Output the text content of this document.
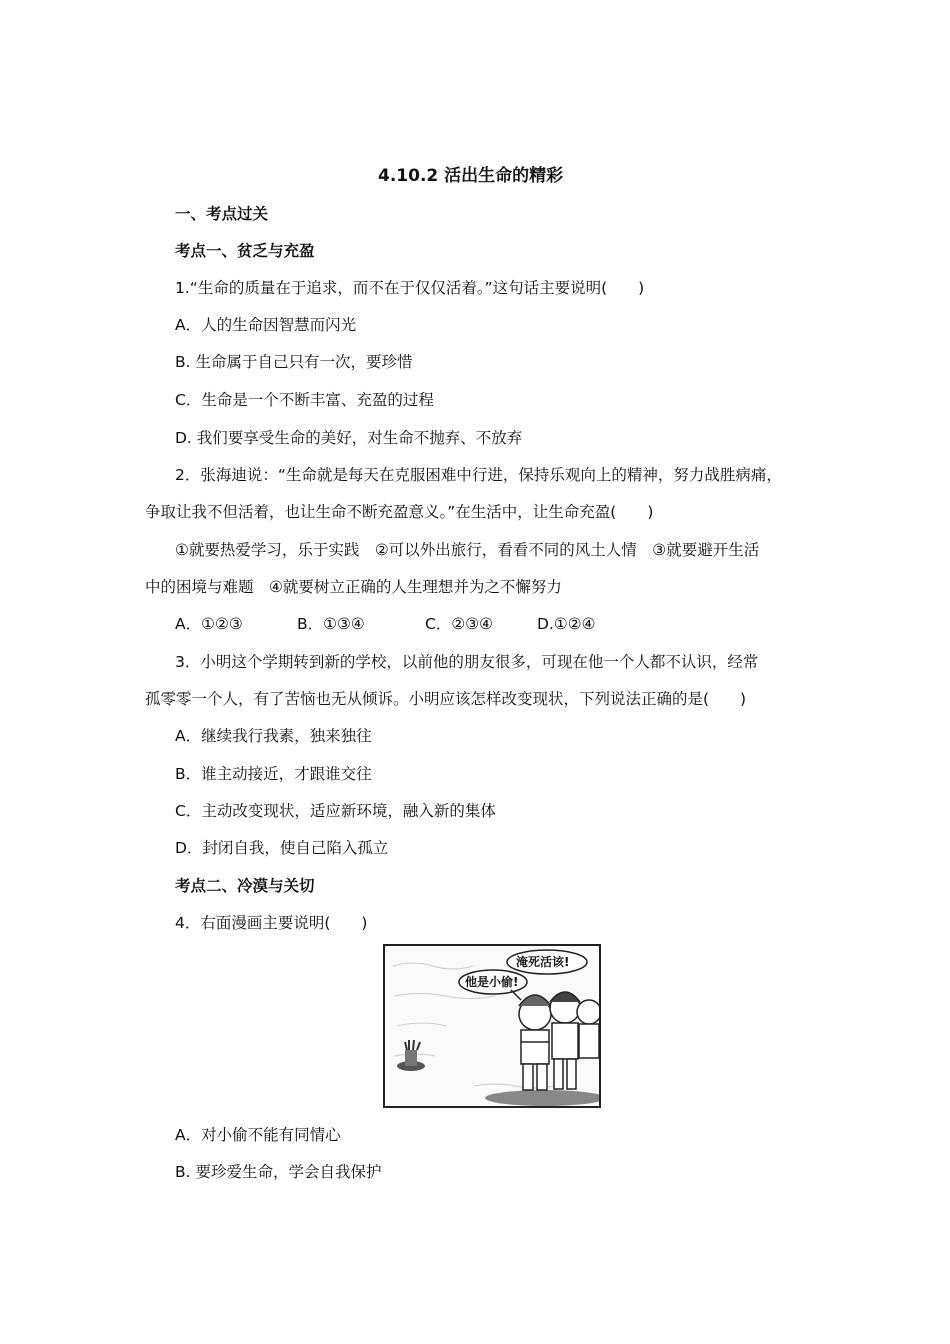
4.10.2 活出生命的精彩
一、考点过关
考点一、贫乏与充盈
1.“生命的质量在于追求，而不在于仅仅活着。”这句话主要说明(　　)
A．人的生命因智慧而闪光
B. 生命属于自己只有一次，要珍惜
C．生命是一个不断丰富、充盈的过程
D. 我们要享受生命的美好，对生命不抛弃、不放弃
2．张海迪说：“生命就是每天在克服困难中行进，保持乐观向上的精神，努力战胜病痛，
争取让我不但活着，也让生命不断充盈意义。”在生活中，让生命充盈(　　)
①就要热爱学习，乐于实践　②可以外出旅行，看看不同的风土人情　③就要避开生活
中的困境与难题　④就要树立正确的人生理想并为之不懈努力
A．①②③	B．①③④	C．②③④	D.①②④
3．小明这个学期转到新的学校，以前他的朋友很多，可现在他一个人都不认识，经常
孤零零一个人，有了苦恼也无从倾诉。小明应该怎样改变现状，下列说法正确的是(　　)
A．继续我行我素，独来独往
B．谁主动接近，才跟谁交往
C．主动改变现状，适应新环境，融入新的集体
D．封闭自我，使自己陷入孤立
考点二、冷漠与关切
4．右面漫画主要说明(　　)
淹死活该!
他是小偷!
A．对小偷不能有同情心
B. 要珍爱生命，学会自我保护
